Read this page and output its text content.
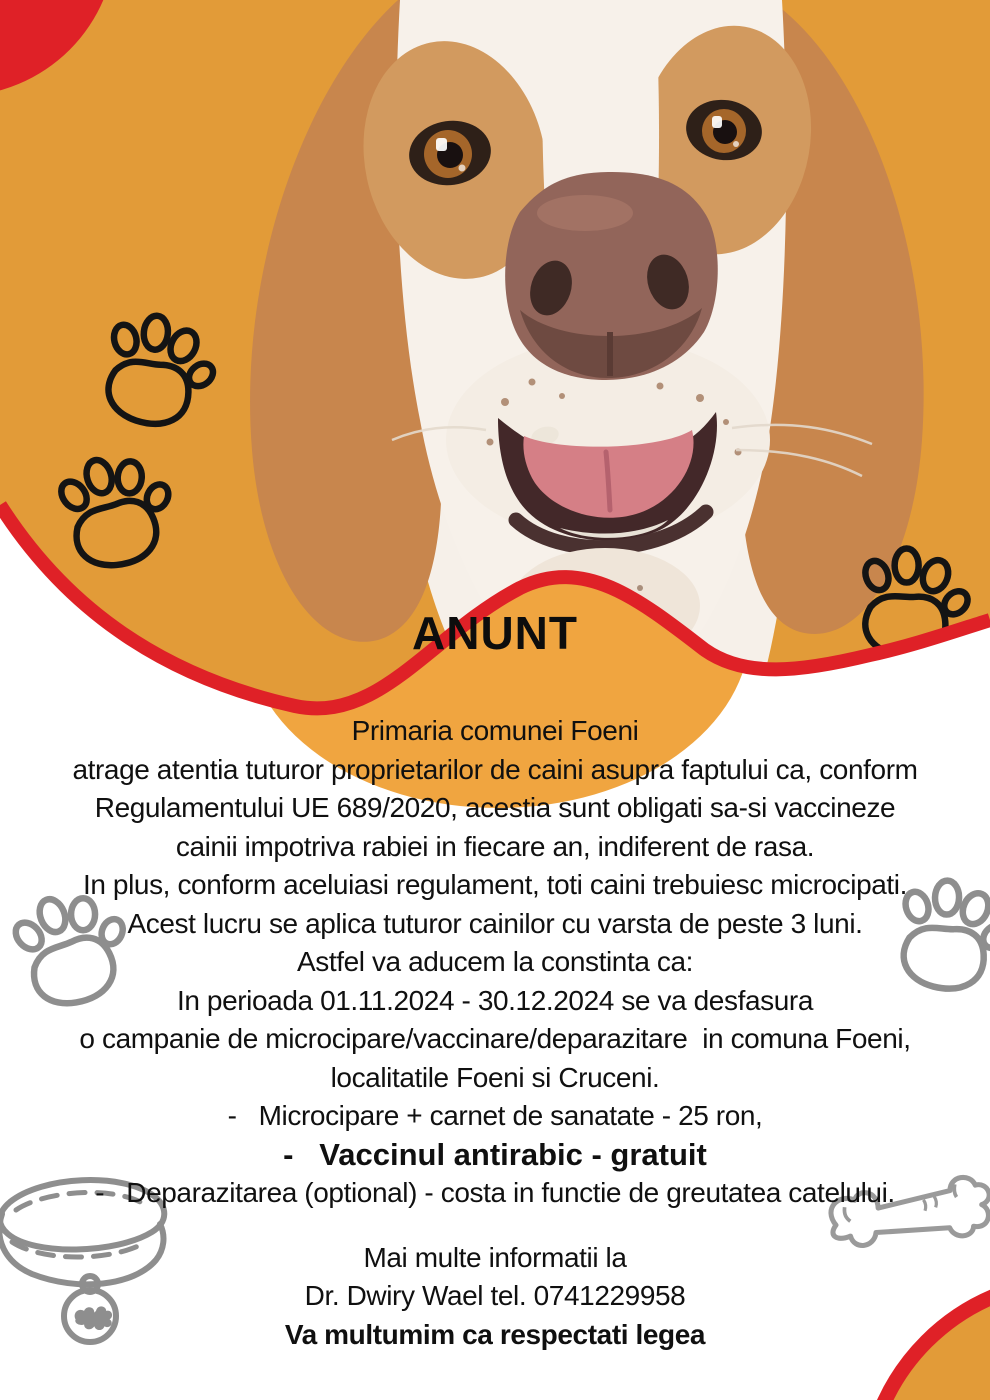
ANUNT
Primaria comunei Foeni
atrage atentia tuturor proprietarilor de caini asupra faptului ca, conform
Regulamentului UE 689/2020, acestia sunt obligati sa-si vaccineze
cainii impotriva rabiei in fiecare an, indiferent de rasa.
In plus, conform aceluiasi regulament, toti caini trebuiesc microcipati.
Acest lucru se aplica tuturor cainilor cu varsta de peste 3 luni.
Astfel va aducem la constinta ca:
In perioada 01.11.2024 - 30.12.2024 se va desfasura
o campanie de microcipare/vaccinare/deparazitare  in comuna Foeni,
localitatile Foeni si Cruceni.
-   Microcipare + carnet de sanatate - 25 ron,
-   Vaccinul antirabic - gratuit
-   Deparazitarea (optional) - costa in functie de greutatea catelului.
Mai multe informatii la
Dr. Dwiry Wael tel. 0741229958
Va multumim ca respectati legea
